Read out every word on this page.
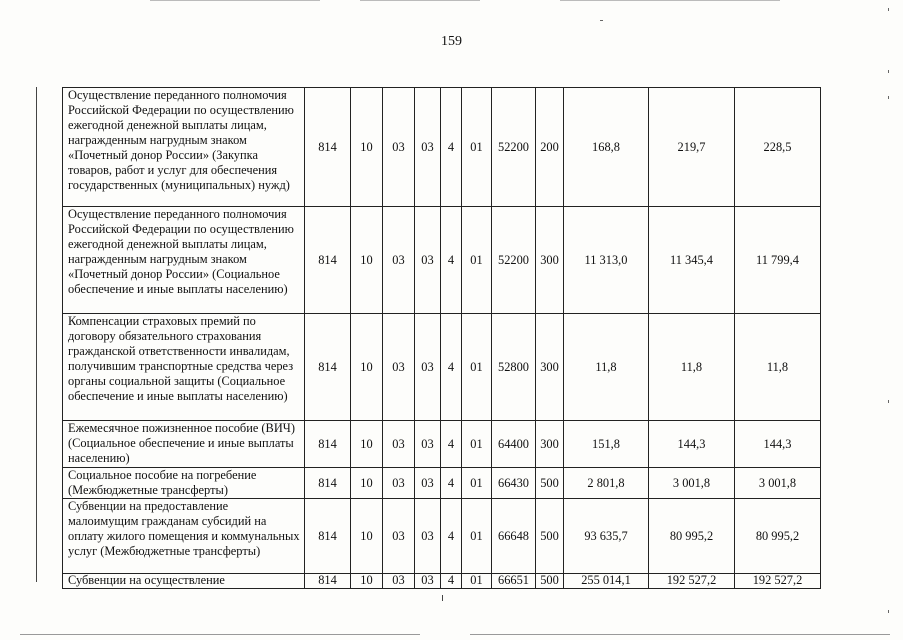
159
Осуществление переданного полномочия Российской Федерации по осуществлению ежегодной денежной выплаты лицам, награжденным нагрудным знаком «Почетный донор России» (Закупка товаров, работ и услуг для обеспечения государственных (муниципальных) нужд)	814	10	03	03	4	01	52200	200	168,8	219,7	228,5
Осуществление переданного полномочия Российской Федерации по осуществлению ежегодной денежной выплаты лицам, награжденным нагрудным знаком «Почетный донор России» (Социальное обеспечение и иные выплаты населению)	814	10	03	03	4	01	52200	300	11 313,0	11 345,4	11 799,4
Компенсации страховых премий по договору обязательного страхования гражданской ответственности инвалидам, получившим транспортные средства через органы социальной защиты (Социальное обеспечение и иные выплаты населению)	814	10	03	03	4	01	52800	300	11,8	11,8	11,8
Ежемесячное пожизненное пособие (ВИЧ) (Социальное обеспечение и иные выплаты населению)	814	10	03	03	4	01	64400	300	151,8	144,3	144,3
Социальное пособие на погребение (Межбюджетные трансферты)	814	10	03	03	4	01	66430	500	2 801,8	3 001,8	3 001,8
Субвенции на предоставление малоимущим гражданам субсидий на оплату жилого помещения и коммунальных услуг (Межбюджетные трансферты)	814	10	03	03	4	01	66648	500	93 635,7	80 995,2	80 995,2
Субвенции на осуществление	814	10	03	03	4	01	66651	500	255 014,1	192 527,2	192 527,2
